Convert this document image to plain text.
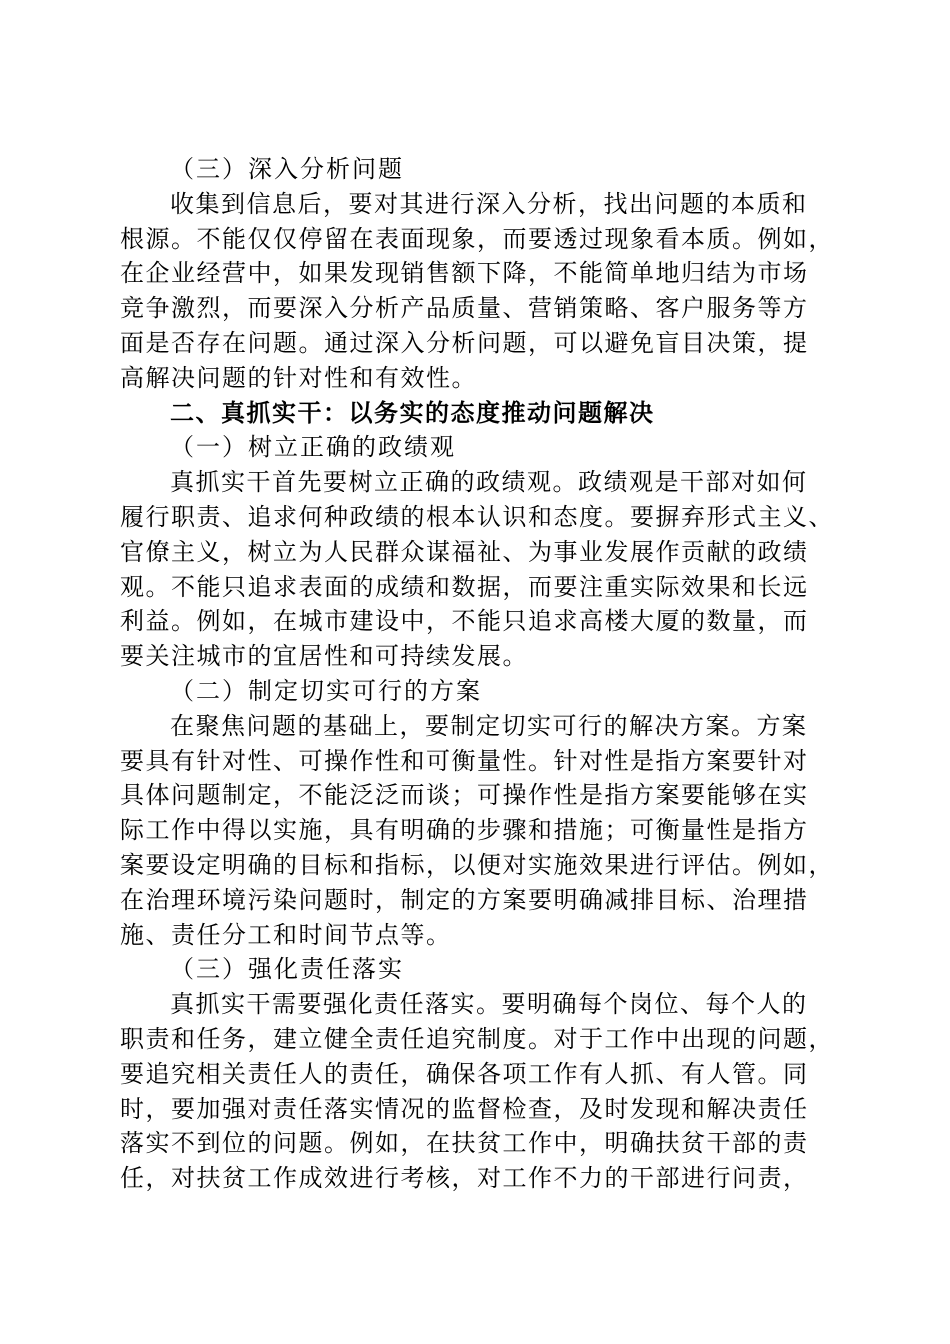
（三）深入分析问题
收集到信息后，要对其进行深入分析，找出问题的本质和
根源。不能仅仅停留在表面现象，而要透过现象看本质。例如，
在企业经营中，如果发现销售额下降，不能简单地归结为市场
竞争激烈，而要深入分析产品质量、营销策略、客户服务等方
面是否存在问题。通过深入分析问题，可以避免盲目决策，提
高解决问题的针对性和有效性。
二、真抓实干：以务实的态度推动问题解决
（一）树立正确的政绩观
真抓实干首先要树立正确的政绩观。政绩观是干部对如何
履行职责、追求何种政绩的根本认识和态度。要摒弃形式主义、
官僚主义，树立为人民群众谋福祉、为事业发展作贡献的政绩
观。不能只追求表面的成绩和数据，而要注重实际效果和长远
利益。例如，在城市建设中，不能只追求高楼大厦的数量，而
要关注城市的宜居性和可持续发展。
（二）制定切实可行的方案
在聚焦问题的基础上，要制定切实可行的解决方案。方案
要具有针对性、可操作性和可衡量性。针对性是指方案要针对
具体问题制定，不能泛泛而谈；可操作性是指方案要能够在实
际工作中得以实施，具有明确的步骤和措施；可衡量性是指方
案要设定明确的目标和指标，以便对实施效果进行评估。例如，
在治理环境污染问题时，制定的方案要明确减排目标、治理措
施、责任分工和时间节点等。
（三）强化责任落实
真抓实干需要强化责任落实。要明确每个岗位、每个人的
职责和任务，建立健全责任追究制度。对于工作中出现的问题，
要追究相关责任人的责任，确保各项工作有人抓、有人管。同
时，要加强对责任落实情况的监督检查，及时发现和解决责任
落实不到位的问题。例如，在扶贫工作中，明确扶贫干部的责
任，对扶贫工作成效进行考核，对工作不力的干部进行问责，
